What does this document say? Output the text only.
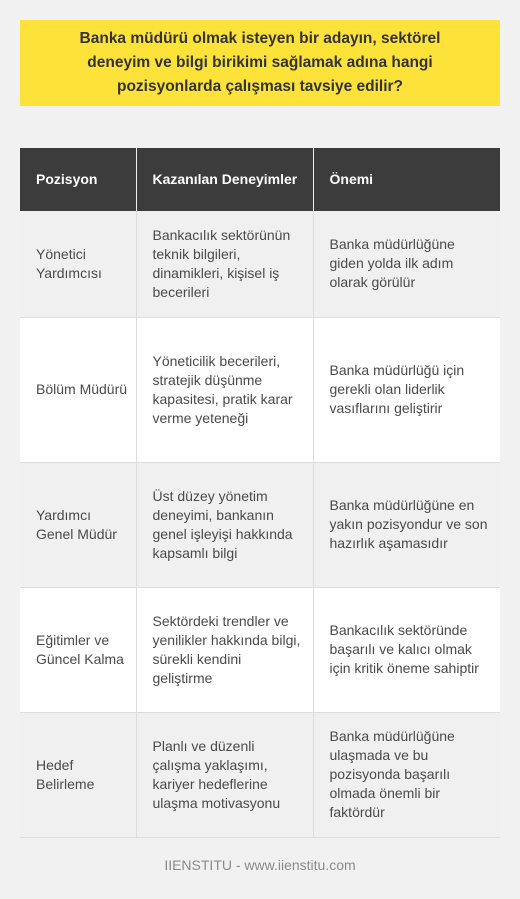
Banka müdürü olmak isteyen bir adayın, sektörel deneyim ve bilgi birikimi sağlamak adına hangi pozisyonlarda çalışması tavsiye edilir?
Pozisyon	Kazanılan Deneyimler	Önemi
Yönetici Yardımcısı	Bankacılık sektörünün teknik bilgileri, dinamikleri, kişisel iş becerileri	Banka müdürlüğüne giden yolda ilk adım olarak görülür
Bölüm Müdürü	Yöneticilik becerileri, stratejik düşünme kapasitesi, pratik karar verme yeteneği	Banka müdürlüğü için gerekli olan liderlik vasıflarını geliştirir
Yardımcı Genel Müdür	Üst düzey yönetim deneyimi, bankanın genel işleyişi hakkında kapsamlı bilgi	Banka müdürlüğüne en yakın pozisyondur ve son hazırlık aşamasıdır
Eğitimler ve Güncel Kalma	Sektördeki trendler ve yenilikler hakkında bilgi, sürekli kendini geliştirme	Bankacılık sektöründe başarılı ve kalıcı olmak için kritik öneme sahiptir
Hedef Belirleme	Planlı ve düzenli çalışma yaklaşımı, kariyer hedeflerine ulaşma motivasyonu	Banka müdürlüğüne ulaşmada ve bu pozisyonda başarılı olmada önemli bir faktördür
IIENSTITU - www.iienstitu.com
